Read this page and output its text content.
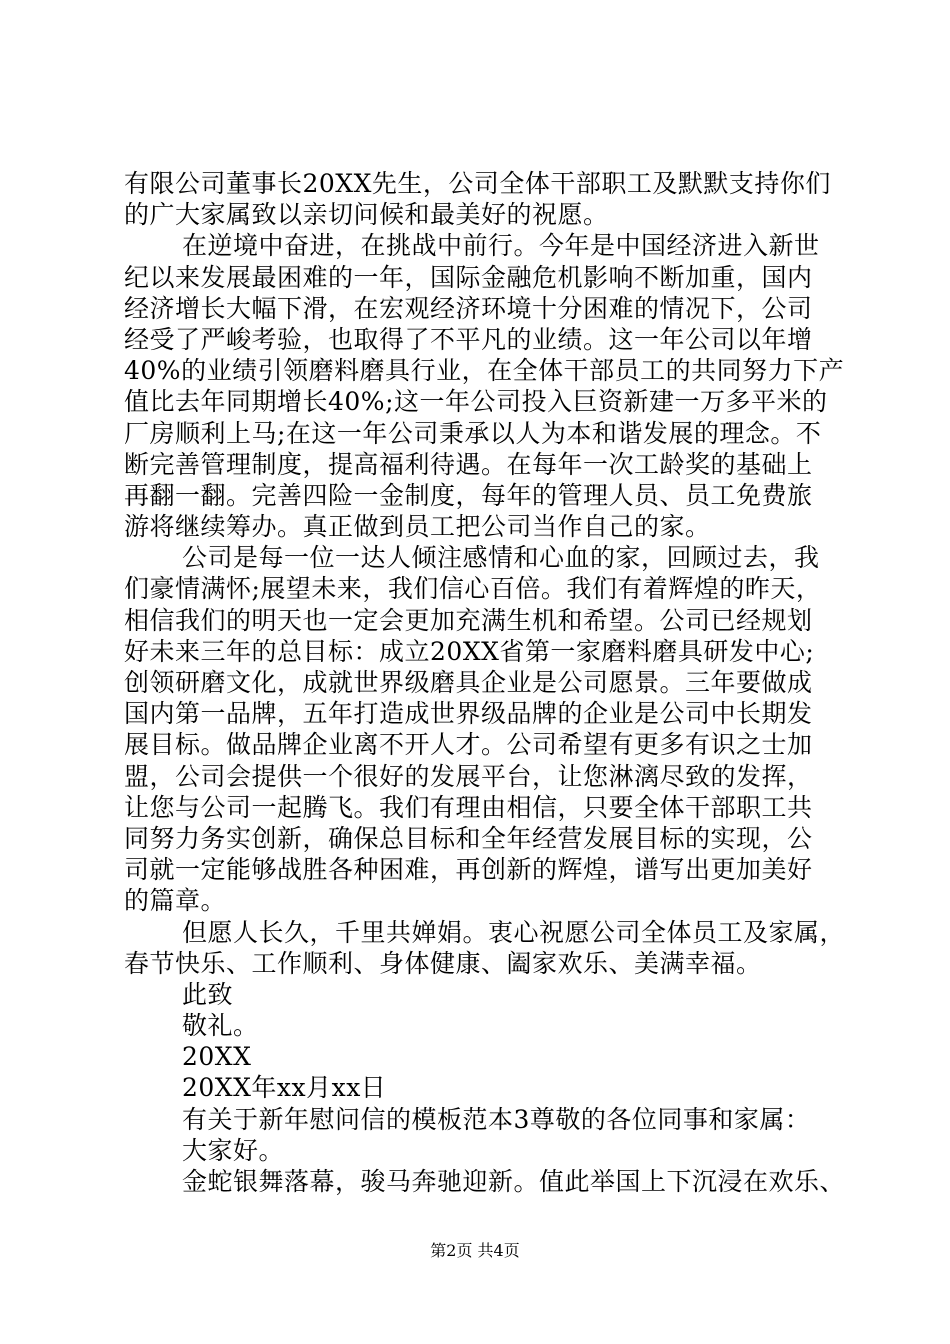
有限公司董事长20XX先生，公司全体干部职工及默默支持你们
的广大家属致以亲切问候和最美好的祝愿。
在逆境中奋进，在挑战中前行。今年是中国经济进入新世
纪以来发展最困难的一年，国际金融危机影响不断加重，国内
经济增长大幅下滑，在宏观经济环境十分困难的情况下，公司
经受了严峻考验，也取得了不平凡的业绩。这一年公司以年增
40%的业绩引领磨料磨具行业，在全体干部员工的共同努力下产
值比去年同期增长40%;这一年公司投入巨资新建一万多平米的
厂房顺利上马;在这一年公司秉承以人为本和谐发展的理念。不
断完善管理制度，提高福利待遇。在每年一次工龄奖的基础上
再翻一翻。完善四险一金制度，每年的管理人员、员工免费旅
游将继续筹办。真正做到员工把公司当作自己的家。
公司是每一位一达人倾注感情和心血的家，回顾过去，我
们豪情满怀;展望未来，我们信心百倍。我们有着辉煌的昨天，
相信我们的明天也一定会更加充满生机和希望。公司已经规划
好未来三年的总目标：成立20XX省第一家磨料磨具研发中心;
创领研磨文化，成就世界级磨具企业是公司愿景。三年要做成
国内第一品牌，五年打造成世界级品牌的企业是公司中长期发
展目标。做品牌企业离不开人才。公司希望有更多有识之士加
盟，公司会提供一个很好的发展平台，让您淋漓尽致的发挥，
让您与公司一起腾飞。我们有理由相信，只要全体干部职工共
同努力务实创新，确保总目标和全年经营发展目标的实现，公
司就一定能够战胜各种困难，再创新的辉煌，谱写出更加美好
的篇章。
但愿人长久，千里共婵娟。衷心祝愿公司全体员工及家属，
春节快乐、工作顺利、身体健康、阖家欢乐、美满幸福。
此致
敬礼。
20XX
20XX年xx月xx日
有关于新年慰问信的模板范本3尊敬的各位同事和家属：
大家好。
金蛇银舞落幕，骏马奔驰迎新。值此举国上下沉浸在欢乐、
第2页 共4页
